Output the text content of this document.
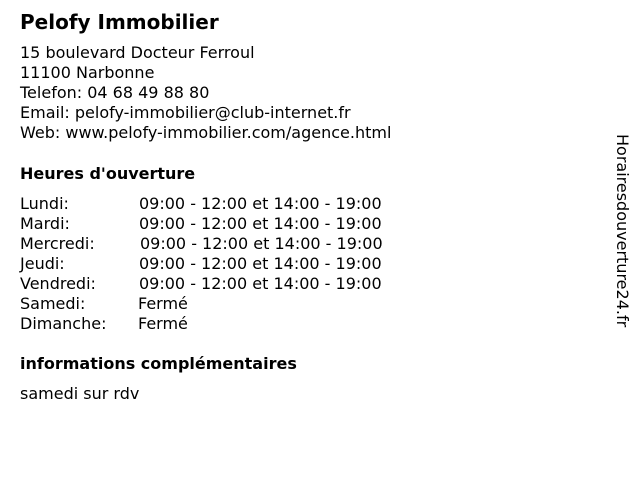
Pelofy Immobilier
15 boulevard Docteur Ferroul
11100 Narbonne
Telefon: 04 68 49 88 80
Email: pelofy-immobilier@club-internet.fr
Web: www.pelofy-immobilier.com/agence.html
Heures d'ouverture
Lundi:	09:00 - 12:00 et 14:00 - 19:00
Mardi:	09:00 - 12:00 et 14:00 - 19:00
Mercredi:	09:00 - 12:00 et 14:00 - 19:00
Jeudi:	09:00 - 12:00 et 14:00 - 19:00
Vendredi:	09:00 - 12:00 et 14:00 - 19:00
Samedi:	Fermé
Dimanche: Fermé
informations complémentaires
samedi sur rdv
Horairesdouverture24.fr
